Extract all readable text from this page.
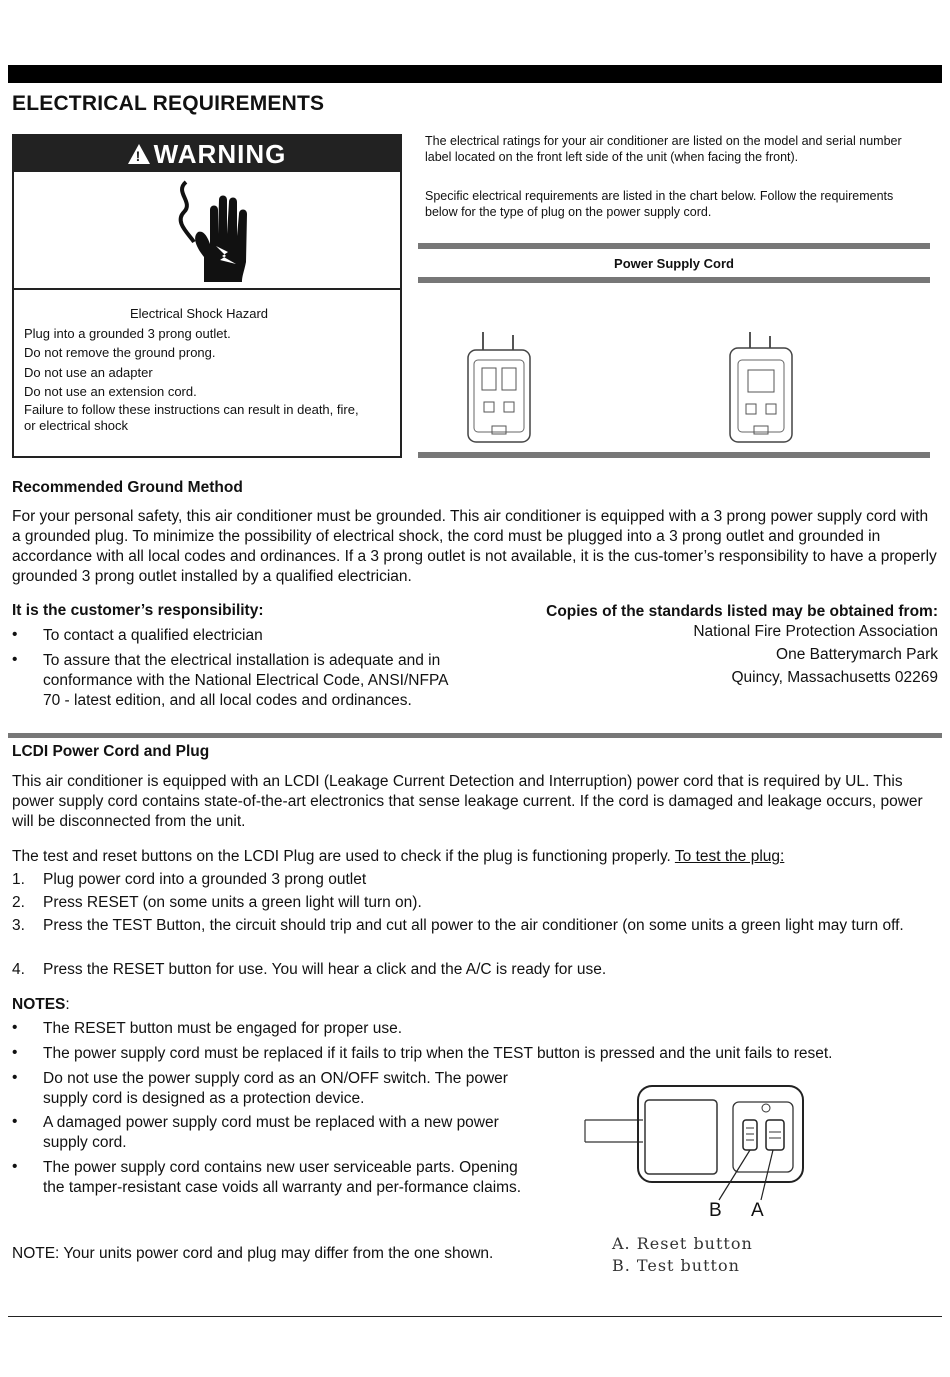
ELECTRICAL REQUIREMENTS
! WARNING
Electrical Shock Hazard
Plug into a grounded 3 prong outlet.
Do not remove the ground prong.
Do not use an adapter
Do not use an extension cord.
Failure to follow these instructions can result in death, fire, or electrical shock
The electrical ratings for your air conditioner are listed on the model and serial number label located on the front left side of the unit (when facing the front).
Specific electrical requirements are listed in the chart below. Follow the requirements below for the type of plug on the power supply cord.
Power Supply Cord
Recommended Ground Method
For your personal safety, this air conditioner must be grounded. This air conditioner is equipped with a 3 prong power supply cord with a grounded plug. To minimize the possibility of electrical shock, the cord must be plugged into a 3 prong outlet and grounded in accordance with all local codes and ordinances. If a 3 prong outlet is not available, it is the cus-tomer’s responsibility to have a properly grounded 3 prong outlet installed by a qualified electrician.
It is the customer’s responsibility:
• To contact a qualified electrician
• To assure that the electrical installation is adequate and in conformance with the National Electrical Code, ANSI/NFPA 70 - latest edition, and all local codes and ordinances.
Copies of the standards listed may be obtained from:
National Fire Protection Association
One Batterymarch Park
Quincy, Massachusetts 02269
LCDI Power Cord and Plug
This air conditioner is equipped with an LCDI (Leakage Current Detection and Interruption) power cord that is required by UL. This power supply cord contains state-of-the-art electronics that sense leakage current. If the cord is damaged and leakage occurs, power will be disconnected from the unit.
The test and reset buttons on the LCDI Plug are used to check if the plug is functioning properly. To test the plug:
1. Plug power cord into a grounded 3 prong outlet
2. Press RESET (on some units a green light will turn on).
3. Press the TEST Button, the circuit should trip and cut all power to the air conditioner (on some units a green light may turn off.
4. Press the RESET button for use. You will hear a click and the A/C is ready for use.
NOTES:
• The RESET button must be engaged for proper use.
• The power supply cord must be replaced if it fails to trip when the TEST button is pressed and the unit fails to reset.
• Do not use the power supply cord as an ON/OFF switch. The power supply cord is designed as a protection device.
• A damaged power supply cord must be replaced with a new power supply cord.
• The power supply cord contains new user serviceable parts. Opening the tamper-resistant case voids all warranty and per-formance claims.
NOTE: Your units power cord and plug may differ from the one shown.
B A
A. Reset button
B. Test button
